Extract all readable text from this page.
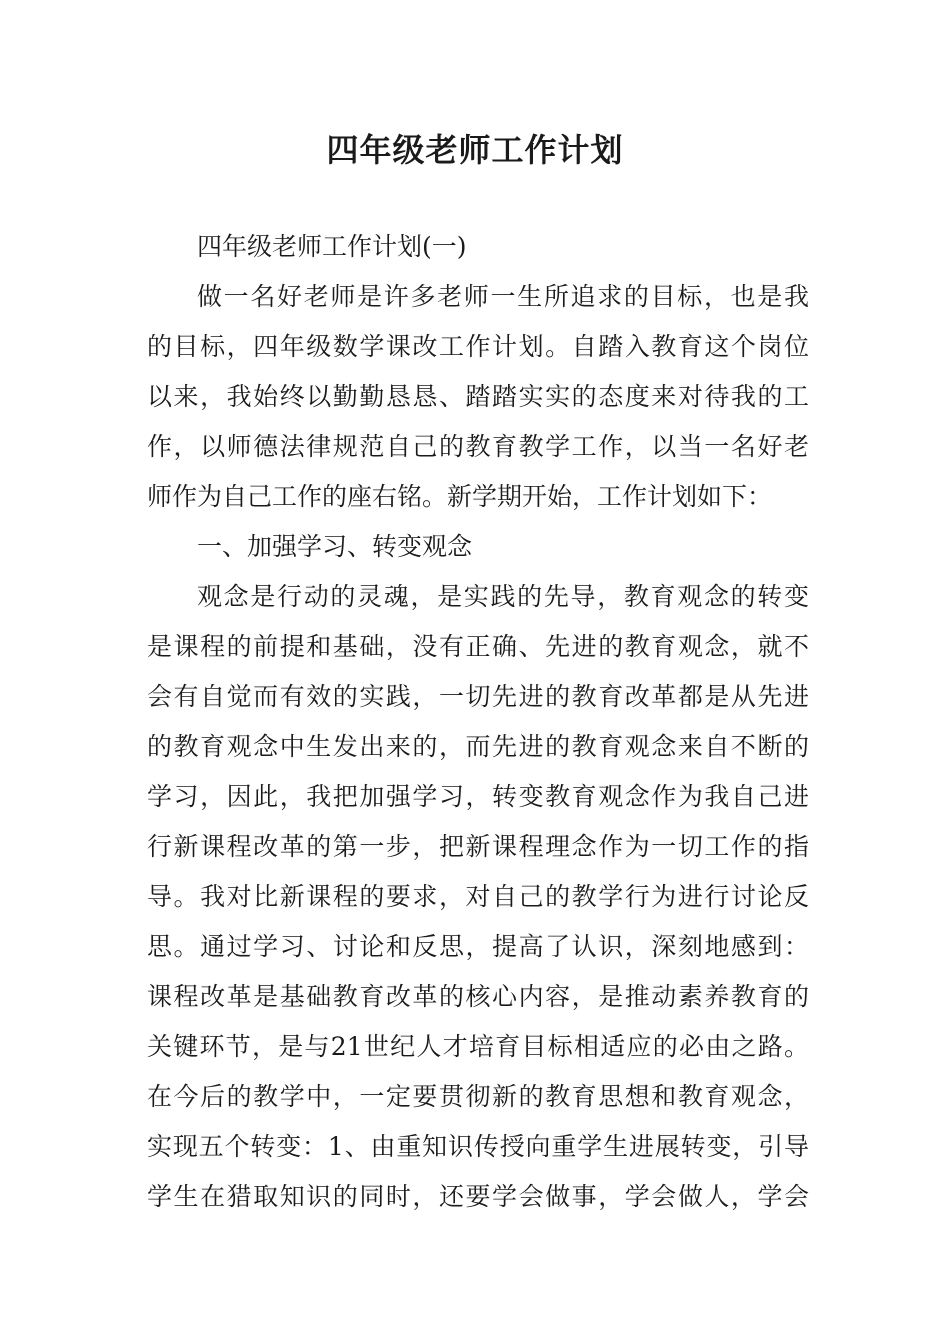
四年级老师工作计划

四年级老师工作计划(一)

做一名好老师是许多老师一生所追求的目标，也是我

的目标，四年级数学课改工作计划。自踏入教育这个岗位

以来，我始终以勤勤恳恳、踏踏实实的态度来对待我的工

作，以师德法律规范自己的教育教学工作，以当一名好老

师作为自己工作的座右铭。新学期开始，工作计划如下：

一、加强学习、转变观念

观念是行动的灵魂，是实践的先导，教育观念的转变

是课程的前提和基础，没有正确、先进的教育观念，就不

会有自觉而有效的实践，一切先进的教育改革都是从先进

的教育观念中生发出来的，而先进的教育观念来自不断的

学习，因此，我把加强学习，转变教育观念作为我自己进

行新课程改革的第一步，把新课程理念作为一切工作的指

导。我对比新课程的要求，对自己的教学行为进行讨论反

思。通过学习、讨论和反思，提高了认识，深刻地感到：

课程改革是基础教育改革的核心内容，是推动素养教育的

关键环节，是与21世纪人才培育目标相适应的必由之路。

在今后的教学中，一定要贯彻新的教育思想和教育观念，

实现五个转变：1、由重知识传授向重学生进展转变，引导

学生在猎取知识的同时，还要学会做事，学会做人，学会
